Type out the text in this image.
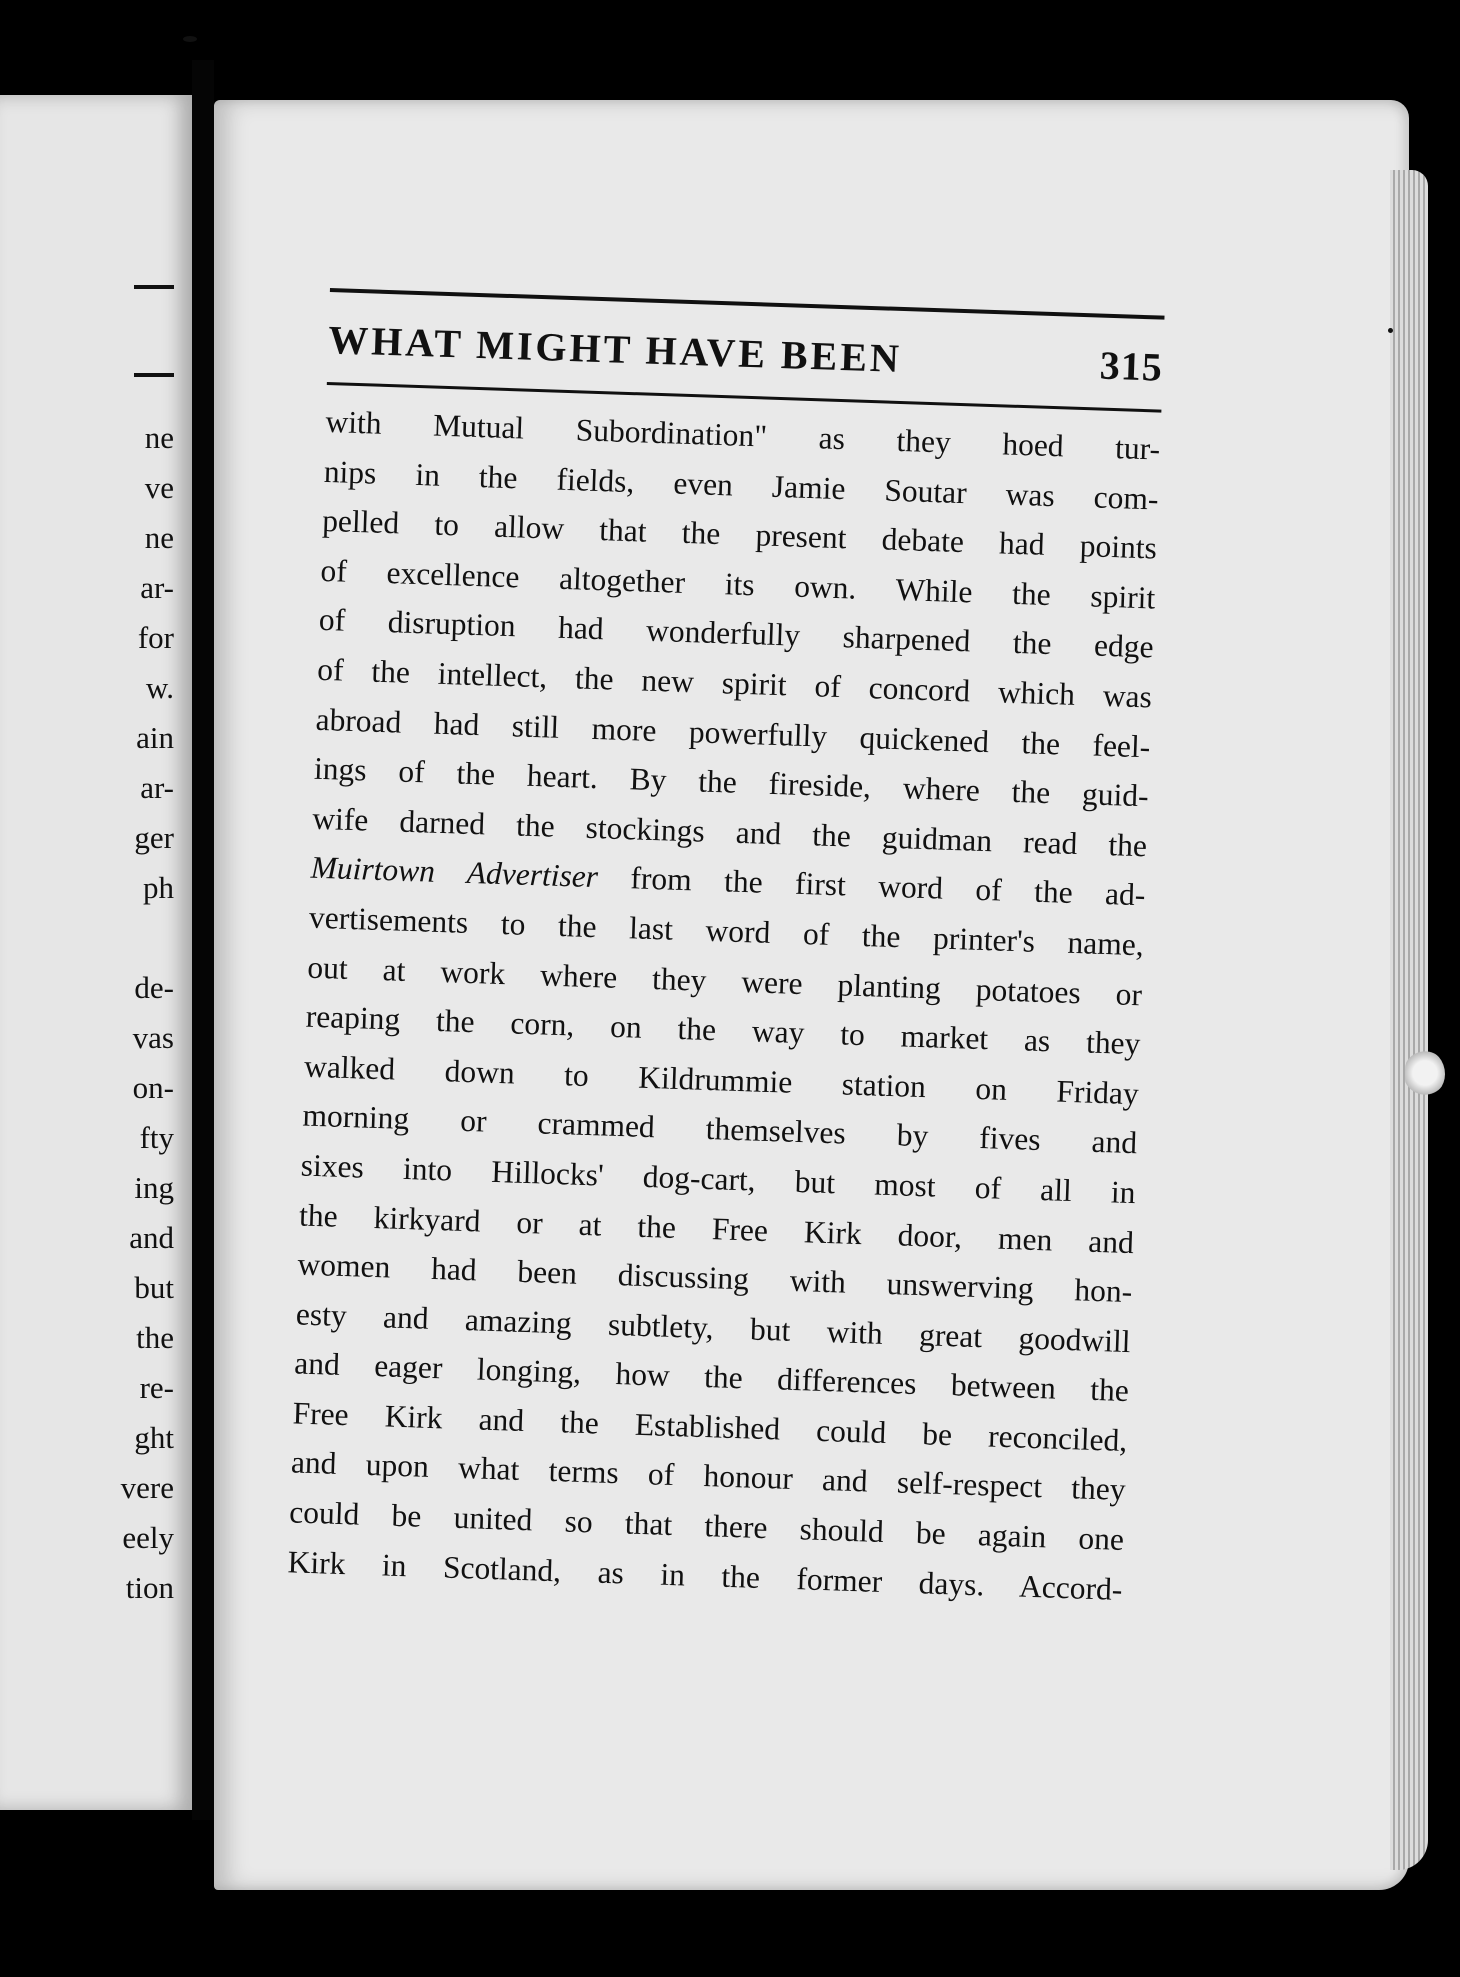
ne
ve
ne
ar-
for
w.
ain
ar-
ger
ph
de-
vas
on-
fty
ing
and
but
the
re-
ght
vere
eely
tion
WHAT MIGHT HAVE BEEN	315
with Mutual Subordination" as they hoed tur-
nips in the fields, even Jamie Soutar was com-
pelled to allow that the present debate had points
of excellence altogether its own. While the spirit
of disruption had wonderfully sharpened the edge
of the intellect, the new spirit of concord which was
abroad had still more powerfully quickened the feel-
ings of the heart. By the fireside, where the guid-
wife darned the stockings and the guidman read the
Muirtown Advertiser from the first word of the ad-
vertisements to the last word of the printer's name,
out at work where they were planting potatoes or
reaping the corn, on the way to market as they
walked down to Kildrummie station on Friday
morning or crammed themselves by fives and
sixes into Hillocks' dog-cart, but most of all in
the kirkyard or at the Free Kirk door, men and
women had been discussing with unswerving hon-
esty and amazing subtlety, but with great goodwill
and eager longing, how the differences between the
Free Kirk and the Established could be reconciled,
and upon what terms of honour and self-respect they
could be united so that there should be again one
Kirk in Scotland, as in the former days. Accord-
